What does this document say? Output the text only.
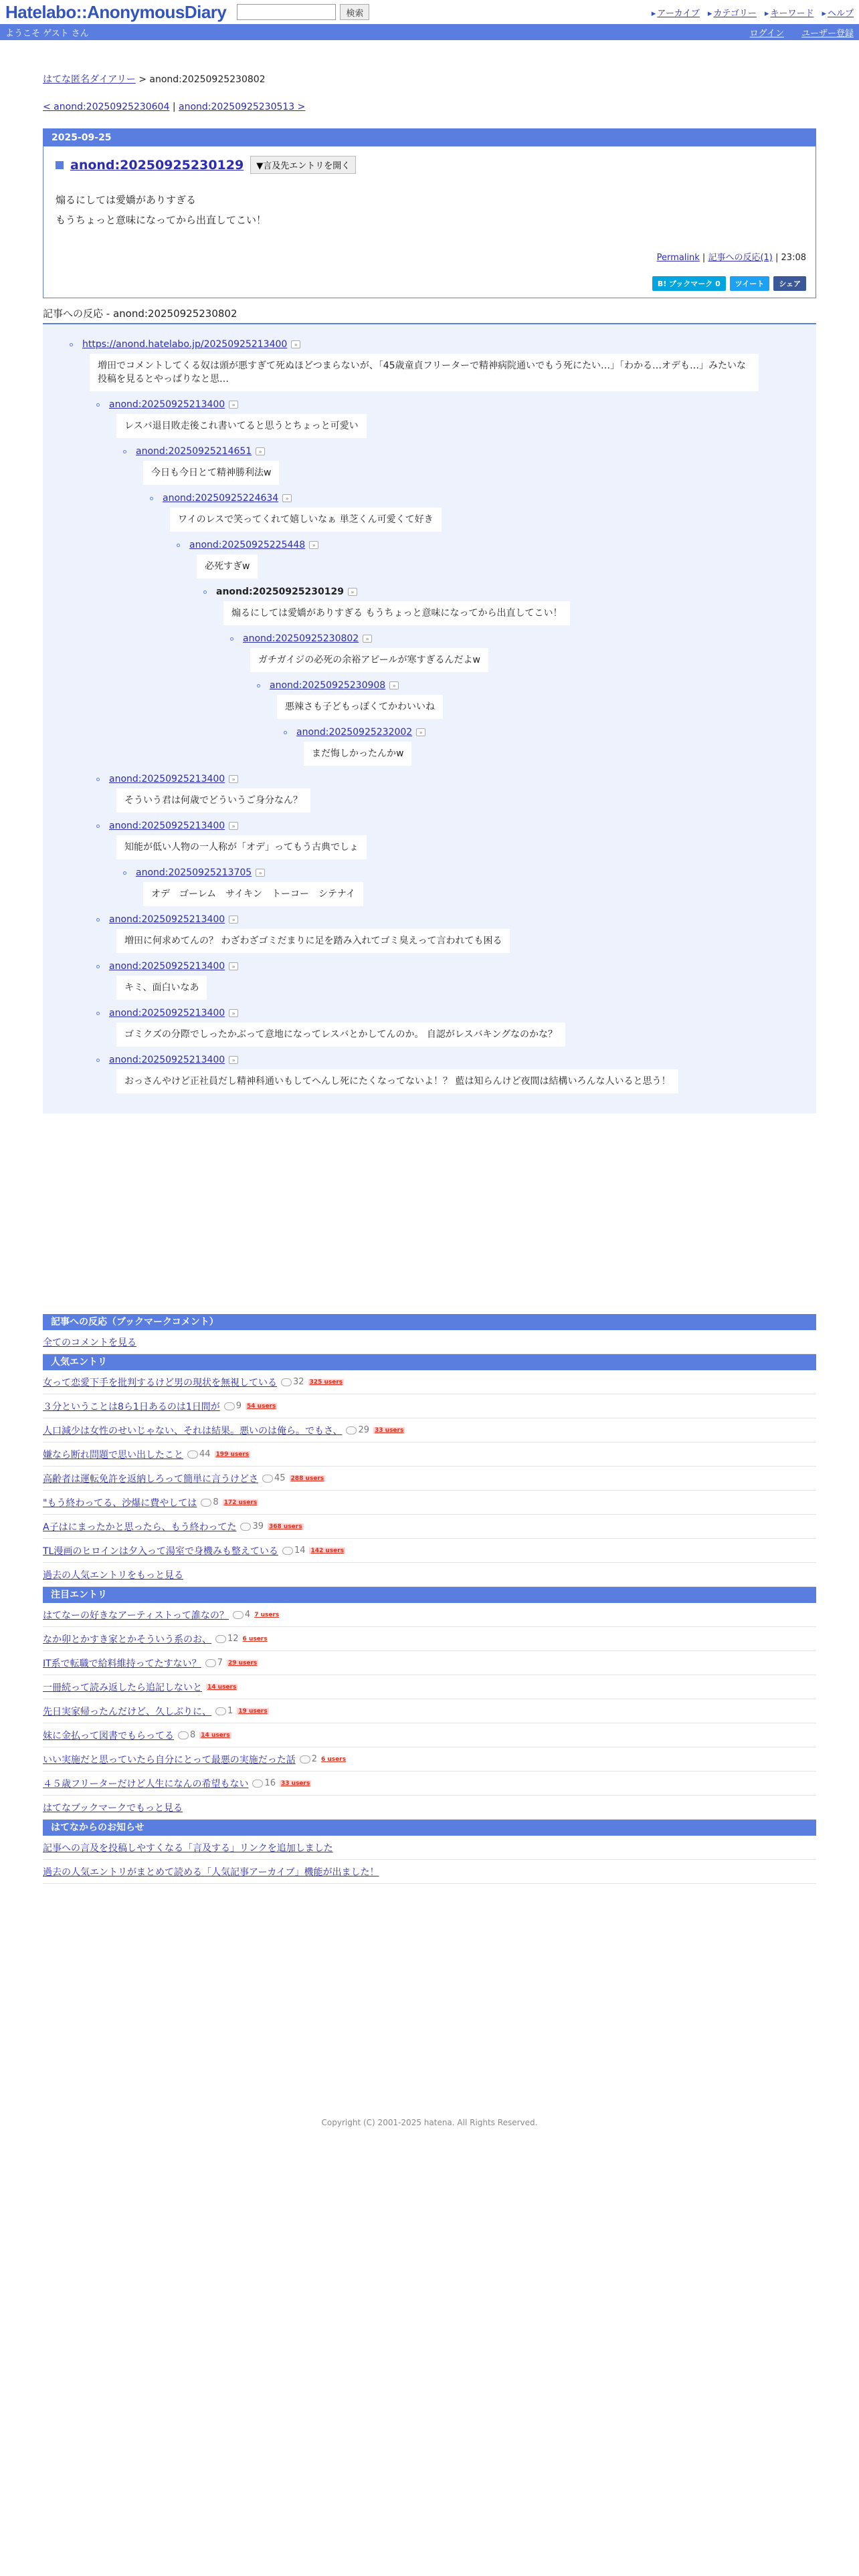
Hatelabo::AnonymousDiary	検索	▸ アーカイブ	▸ カテゴリー	▸ キーワード	▸ ヘルプ
ようこそ ゲスト さん	ログイン ユーザー登録
はてな匿名ダイアリー > anond:20250925230802
< anond:20250925230604 | anond:20250925230513 >
2025-09-25
anond:20250925230129	▼言及先エントリを開く
煽るにしては愛嬌がありすぎる
もうちょっと意味になってから出直してこい！
Permalink | 記事への反応(1) | 23:08
B! ブックマーク 0	ツイート	シェア
記事への反応 - anond:20250925230802
https://anond.hatelabo.jp/20250925213400	»
増田でコメントしてくる奴は頭が悪すぎて死ぬほどつまらないが、「45歳童貞フリーターで精神病院通いでもう死にたい…」「わかる…オデも…」みたいな投稿を見るとやっぱりなと思…
anond:20250925213400	»
レスバ退目敗走後これ書いてると思うとちょっと可愛い
anond:20250925214651	»
今日も今日とて精神勝利法w
anond:20250925224634	»
ワイのレスで笑ってくれて嬉しいなぁ 単芝くん可愛くて好き
anond:20250925225448	»
必死すぎw
anond:20250925230129	»
煽るにしては愛嬌がありすぎる もうちょっと意味になってから出直してこい！
anond:20250925230802	»
ガチガイジの必死の余裕アピールが寒すぎるんだよw
anond:20250925230908	»
悪辣さも子どもっぽくてかわいいね
anond:20250925232002	»
まだ悔しかったんかw
anond:20250925213400	»
そういう君は何歳でどういうご身分なん？
anond:20250925213400	»
知能が低い人物の一人称が「オデ」ってもう古典でしょ
anond:20250925213705	»
オデ　ゴーレム　サイキン　トーコー　シテナイ
anond:20250925213400	»
増田に何求めてんの？ わざわざゴミだまりに足を踏み入れてゴミ臭えって言われても困る
anond:20250925213400	»
キミ、面白いなあ
anond:20250925213400	»
ゴミクズの分際でしったかぶって意地になってレスバとかしてんのか。 自認がレスバキングなのかな？
anond:20250925213400	»
おっさんやけど正社員だし精神科通いもしてへんし死にたくなってないよ！？ 藍は知らんけど夜間は結構いろんな人いると思う！
記事への反応（ブックマークコメント）
全てのコメントを見る
人気エントリ
女って恋愛下手を批判するけど男の現状を無視している 32 325 users
３分ということは8ら1日あるのは1日間が 9 54 users
人口減少は女性のせいじゃない、それは結果。悪いのは俺ら。でもさ、 29 33 users
嫌なら断れ問題で思い出したこと 44 199 users
高齢者は運転免許を返納しろって簡単に言うけどさ 45 288 users
"もう終わってる、沙爆に費やしては 8 172 users
A子はにまったかと思ったら、もう終わってた 39 368 users
TL漫画のヒロインは夕入って湯室で身機みも整えている 14 142 users
過去の人気エントリをもっと見る
注目エントリ
はてなーの好きなアーティストって誰なの？ 4 7 users
なか卯とかすき家とかそういう系のお、 12 6 users
IT系で転職で給料維持ってたすない？ 7 29 users
一冊続って読み返したら追記しないと 14 users
先日実家帰ったんだけど、久しぶりに、 1 19 users
妹に金払って図書でもらってる 8 14 users
いい実施だと思っていたら自分にとって最悪の実施だった話 2 6 users
４５歳フリーターだけど人生になんの希望もない 16 33 users
はてなブックマークでもっと見る
はてなからのお知らせ
記事への言及を投稿しやすくなる「言及する」リンクを追加しました
過去の人気エントリがまとめて読める「人気記事アーカイブ」機能が出ました！
Copyright (C) 2001-2025 hatena. All Rights Reserved.
